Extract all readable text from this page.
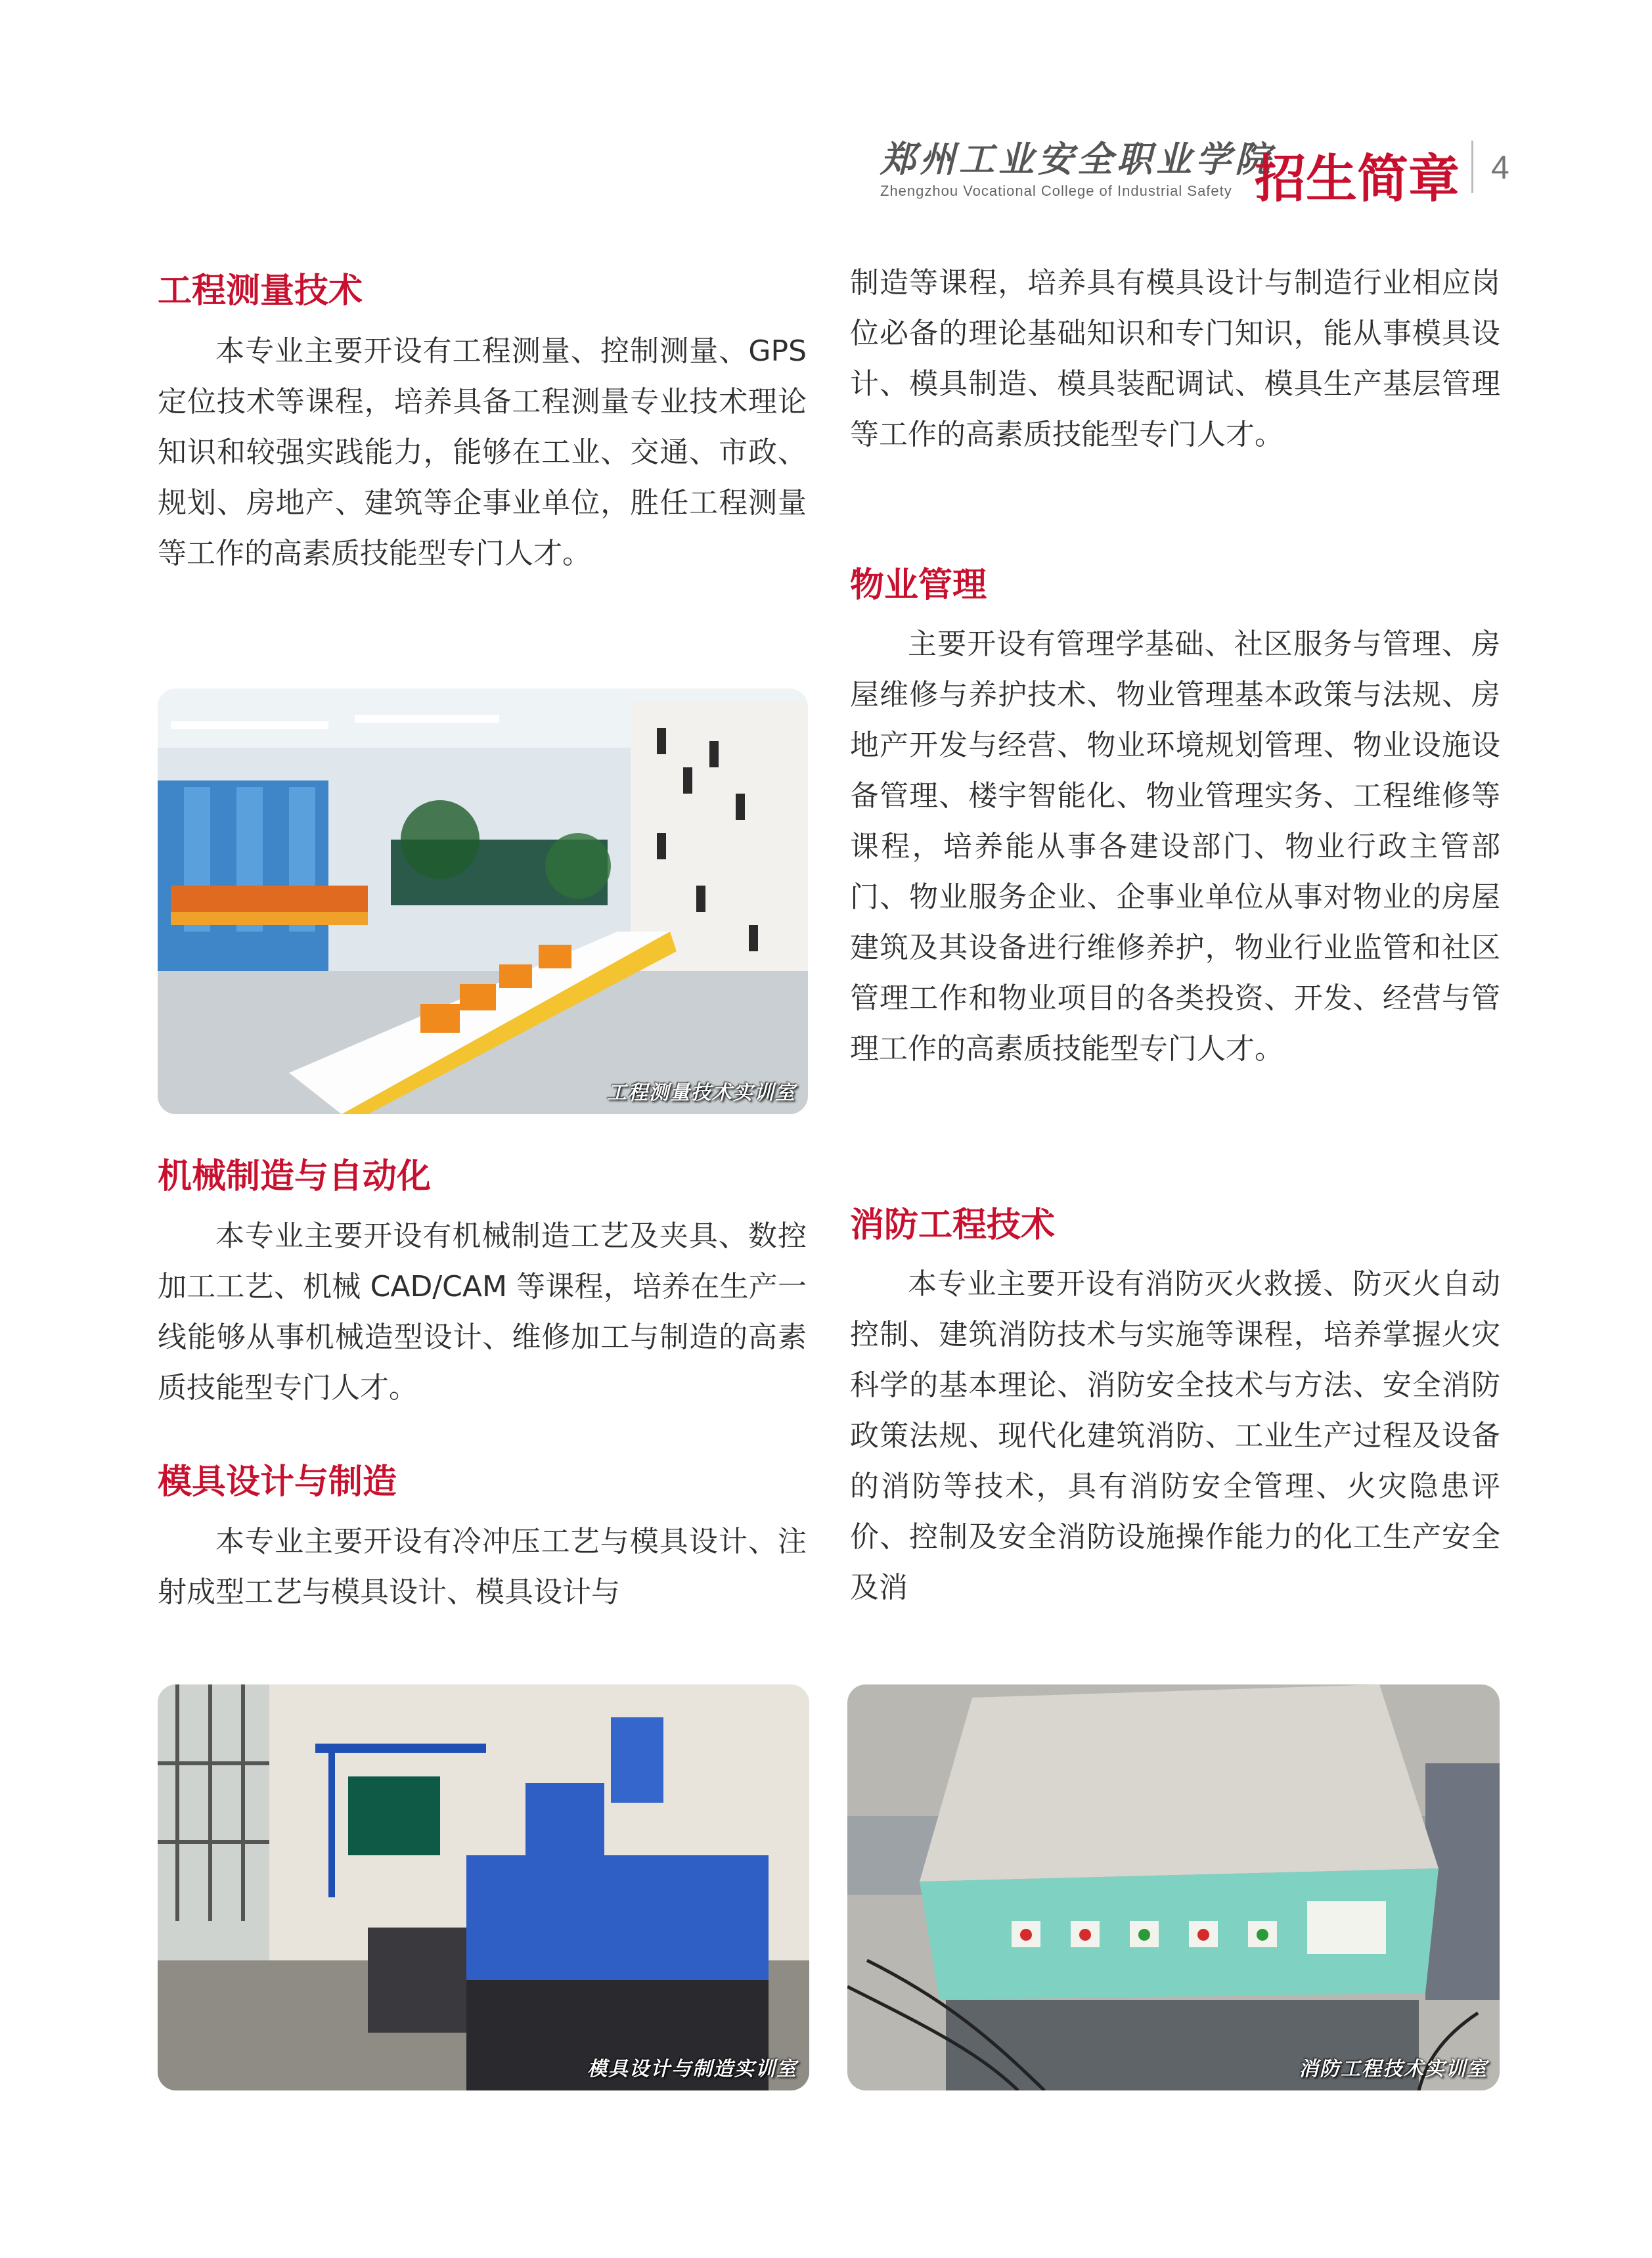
郑州工业安全职业学院
Zhengzhou Vocational College of Industrial Safety 招生简章 4
工程测量技术

本专业主要开设有工程测量、控制测量、GPS 定位技术等课程，培养具备工程测量专业技术理论知识和较强实践能力，能够在工业、交通、市政、规划、房地产、建筑等企事业单位，胜任工程测量等工作的高素质技能型专门人才。

工程测量技术实训室
机械制造与自动化

本专业主要开设有机械制造工艺及夹具、数控加工工艺、机械 CAD/CAM 等课程，培养在生产一线能够从事机械造型设计、维修加工与制造的高素质技能型专门人才。

模具设计与制造

本专业主要开设有冷冲压工艺与模具设计、注射成型工艺与模具设计、模具设计与

制造等课程，培养具有模具设计与制造行业相应岗位必备的理论基础知识和专门知识，能从事模具设计、模具制造、模具装配调试、模具生产基层管理等工作的高素质技能型专门人才。

物业管理

主要开设有管理学基础、社区服务与管理、房屋维修与养护技术、物业管理基本政策与法规、房地产开发与经营、物业环境规划管理、物业设施设备管理、楼宇智能化、物业管理实务、工程维修等课程，培养能从事各建设部门、物业行政主管部门、物业服务企业、企事业单位从事对物业的房屋建筑及其设备进行维修养护，物业行业监管和社区管理工作和物业项目的各类投资、开发、经营与管理工作的高素质技能型专门人才。

消防工程技术

本专业主要开设有消防灭火救援、防灭火自动控制、建筑消防技术与实施等课程，培养掌握火灾科学的基本理论、消防安全技术与方法、安全消防政策法规、现代化建筑消防、工业生产过程及设备的消防等技术，具有消防安全管理、火灾隐患评价、控制及安全消防设施操作能力的化工生产安全及消

模具设计与制造实训室	消防工程技术实训室
